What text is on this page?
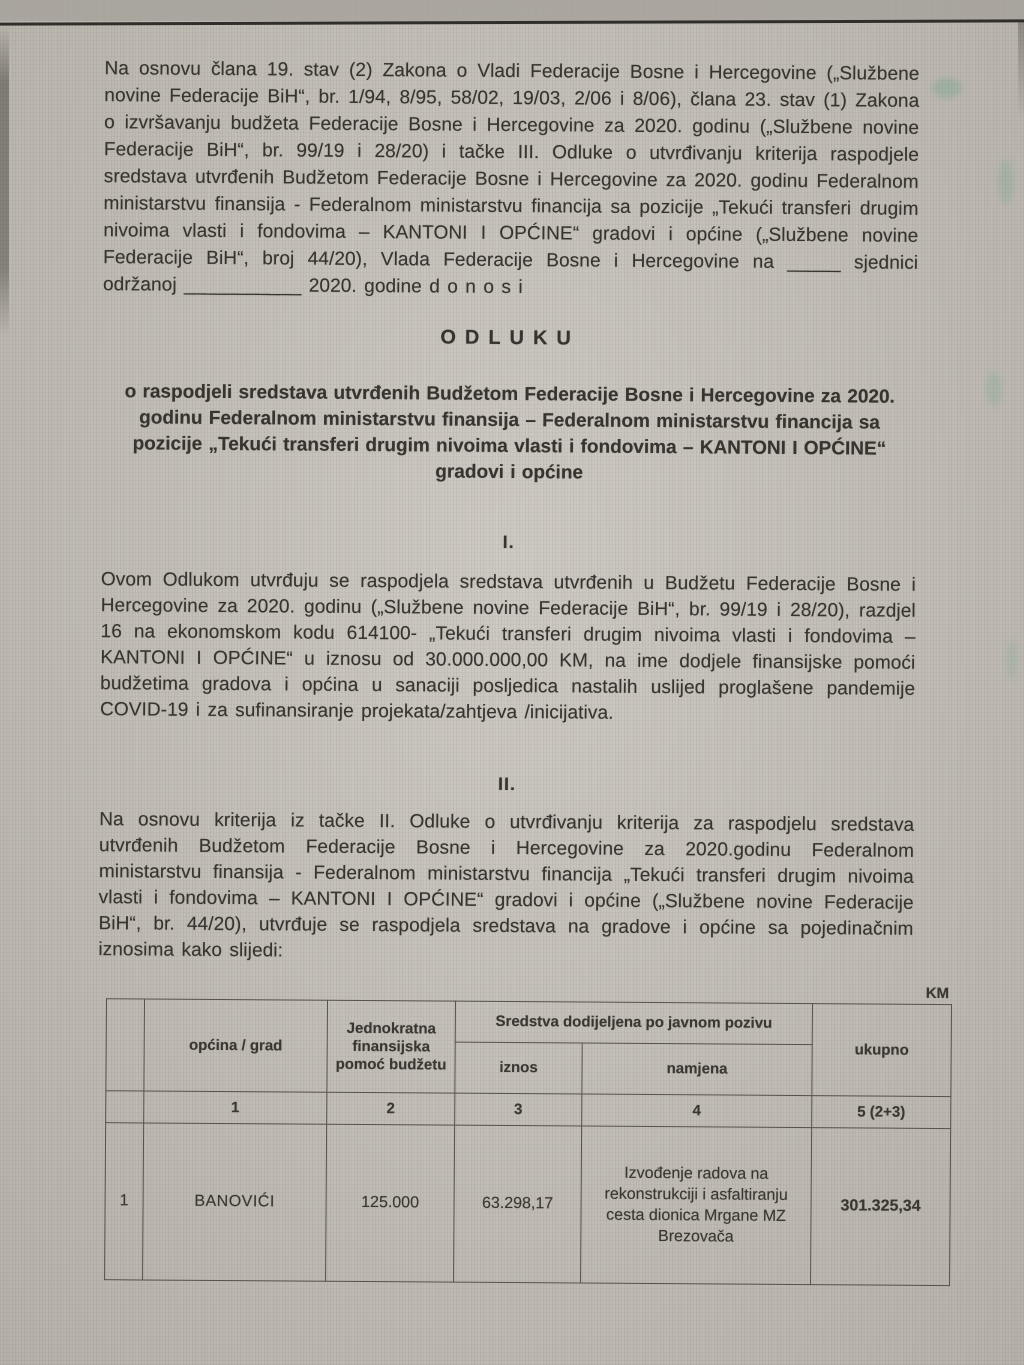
Na osnovu člana 19. stav (2) Zakona o Vladi Federacije Bosne i Hercegovine („Službene novine Federacije BiH“, br. 1/94, 8/95, 58/02, 19/03, 2/06 i 8/06), člana 23. stav (1) Zakona o izvršavanju budžeta Federacije Bosne i Hercegovine za 2020. godinu („Službene novine Federacije BiH“, br. 99/19 i 28/20) i tačke III. Odluke o utvrđivanju kriterija raspodjele sredstava utvrđenih Budžetom Federacije Bosne i Hercegovine za 2020. godinu Federalnom ministarstvu finansija - Federalnom ministarstvu financija sa pozicije „Tekući transferi drugim nivoima vlasti i fondovima – KANTONI I OPĆINE“ gradovi i općine („Službene novine Federacije BiH“, broj 44/20), Vlada Federacije Bosne i Hercegovine na _____ sjednici održanoj ___________ 2020. godine d o n o s i

ODLUKU

o raspodjeli sredstava utvrđenih Budžetom Federacije Bosne i Hercegovine za 2020. godinu Federalnom ministarstvu finansija – Federalnom ministarstvu financija sa pozicije „Tekući transferi drugim nivoima vlasti i fondovima – KANTONI I OPĆINE“ gradovi i općine

I.

Ovom Odlukom utvrđuju se raspodjela sredstava utvrđenih u Budžetu Federacije Bosne i Hercegovine za 2020. godinu („Službene novine Federacije BiH“, br. 99/19 i 28/20), razdjel 16 na ekonomskom kodu 614100- „Tekući transferi drugim nivoima vlasti i fondovima – KANTONI I OPĆINE“ u iznosu od 30.000.000,00 KM, na ime dodjele finansijske pomoći budžetima gradova i općina u sanaciji posljedica nastalih uslijed proglašene pandemije COVID-19 i za sufinansiranje projekata/zahtjeva /inicijativa.

II.

Na osnovu kriterija iz tačke II. Odluke o utvrđivanju kriterija za raspodjelu sredstava utvrđenih Budžetom Federacije Bosne i Hercegovine za 2020.godinu Federalnom ministarstvu finansija - Federalnom ministarstvu financija „Tekući transferi drugim nivoima vlasti i fondovima – KANTONI I OPĆINE“ gradovi i općine („Službene novine Federacije BiH“, br. 44/20), utvrđuje se raspodjela sredstava na gradove i općine sa pojedinačnim iznosima kako slijedi:

KM
	općina / grad	Jednokratna finansijska pomoć budžetu	Sredstva dodijeljena po javnom pozivu		ukupno
			iznos	namjena	
	1	2	3	4	5 (2+3)
1	BANOVIĆI	125.000	63.298,17	Izvođenje radova na rekonstrukciji i asfaltiranju cesta dionica Mrgane MZ Brezovača	301.325,34
